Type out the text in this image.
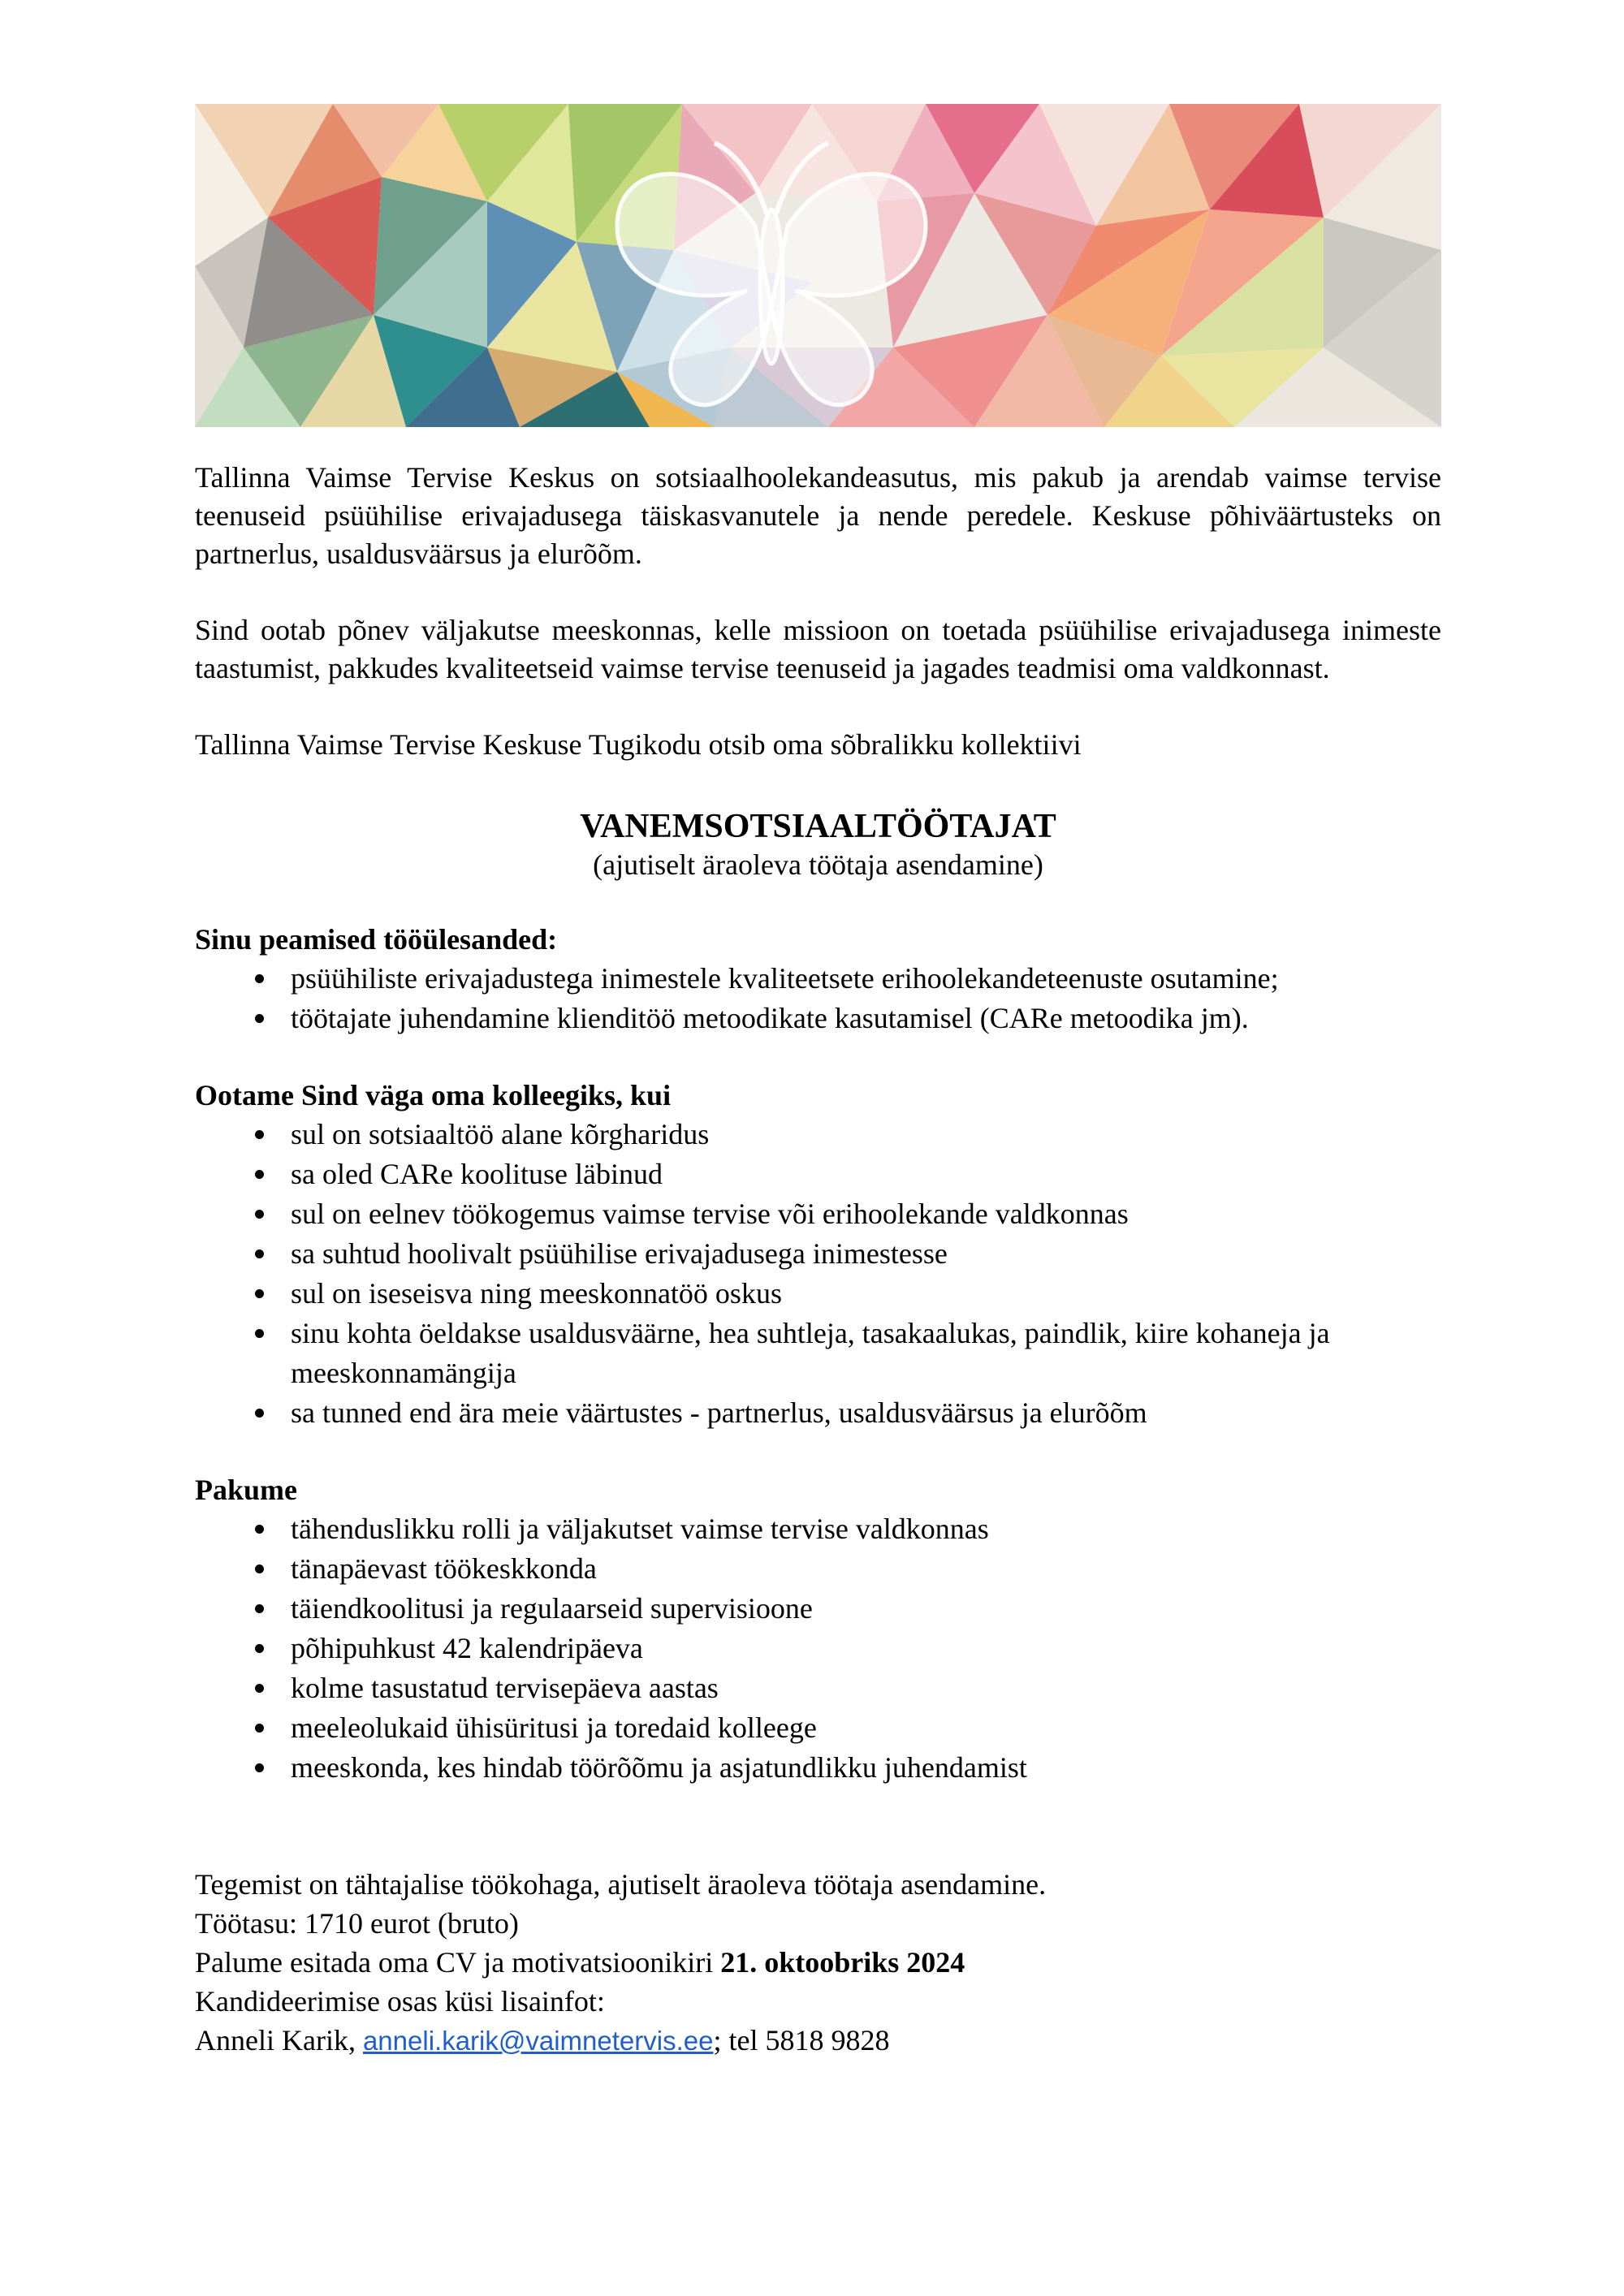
Tallinna Vaimse Tervise Keskus on sotsiaalhoolekandeasutus, mis pakub ja arendab vaimse tervise teenuseid psüühilise erivajadusega täiskasvanutele ja nende peredele. Keskuse põhiväärtusteks on partnerlus, usaldusväärsus ja elurõõm.

Sind ootab põnev väljakutse meeskonnas, kelle missioon on toetada psüühilise erivajadusega inimeste taastumist, pakkudes kvaliteetseid vaimse tervise teenuseid ja jagades teadmisi oma valdkonnast.

Tallinna Vaimse Tervise Keskuse Tugikodu otsib oma sõbralikku kollektiivi

VANEMSOTSIAALTÖÖTAJAT
(ajutiselt äraoleva töötaja asendamine)
Sinu peamised tööülesanded:
psüühiliste erivajadustega inimestele kvaliteetsete erihoolekandeteenuste osutamine;
töötajate juhendamine klienditöö metoodikate kasutamisel (CARe metoodika jm).
Ootame Sind väga oma kolleegiks, kui
sul on sotsiaaltöö alane kõrgharidus
sa oled CARe koolituse läbinud
sul on eelnev töökogemus vaimse tervise või erihoolekande valdkonnas
sa suhtud hoolivalt psüühilise erivajadusega inimestesse
sul on iseseisva ning meeskonnatöö oskus
sinu kohta öeldakse usaldusväärne, hea suhtleja, tasakaalukas, paindlik, kiire kohaneja ja meeskonnamängija
sa tunned end ära meie väärtustes - partnerlus, usaldusväärsus ja elurõõm
Pakume
tähenduslikku rolli ja väljakutset vaimse tervise valdkonnas
tänapäevast töökeskkonda
täiendkoolitusi ja regulaarseid supervisioone
põhipuhkust 42 kalendripäeva
kolme tasustatud tervisepäeva aastas
meeleolukaid ühisüritusi ja toredaid kolleege
meeskonda, kes hindab töörõõmu ja asjatundlikku juhendamist
Tegemist on tähtajalise töökohaga, ajutiselt äraoleva töötaja asendamine.
Töötasu: 1710 eurot (bruto)
Palume esitada oma CV ja motivatsioonikiri 21. oktoobriks 2024
Kandideerimise osas küsi lisainfot:
Anneli Karik, anneli.karik@vaimnetervis.ee; tel 5818 9828
